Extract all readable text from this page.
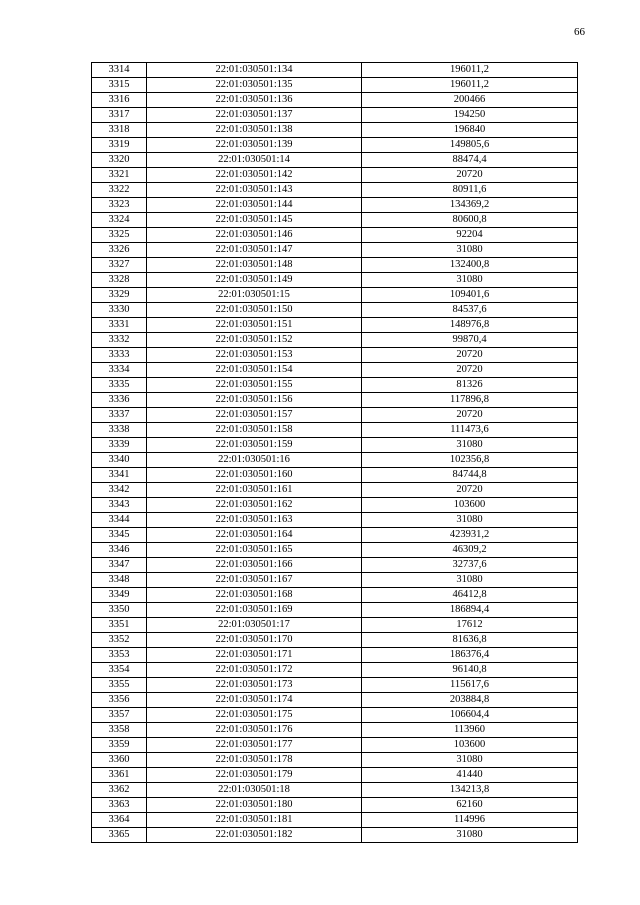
66
3314	22:01:030501:134	196011,2
3315	22:01:030501:135	196011,2
3316	22:01:030501:136	200466
3317	22:01:030501:137	194250
3318	22:01:030501:138	196840
3319	22:01:030501:139	149805,6
3320	22:01:030501:14	88474,4
3321	22:01:030501:142	20720
3322	22:01:030501:143	80911,6
3323	22:01:030501:144	134369,2
3324	22:01:030501:145	80600,8
3325	22:01:030501:146	92204
3326	22:01:030501:147	31080
3327	22:01:030501:148	132400,8
3328	22:01:030501:149	31080
3329	22:01:030501:15	109401,6
3330	22:01:030501:150	84537,6
3331	22:01:030501:151	148976,8
3332	22:01:030501:152	99870,4
3333	22:01:030501:153	20720
3334	22:01:030501:154	20720
3335	22:01:030501:155	81326
3336	22:01:030501:156	117896,8
3337	22:01:030501:157	20720
3338	22:01:030501:158	111473,6
3339	22:01:030501:159	31080
3340	22:01:030501:16	102356,8
3341	22:01:030501:160	84744,8
3342	22:01:030501:161	20720
3343	22:01:030501:162	103600
3344	22:01:030501:163	31080
3345	22:01:030501:164	423931,2
3346	22:01:030501:165	46309,2
3347	22:01:030501:166	32737,6
3348	22:01:030501:167	31080
3349	22:01:030501:168	46412,8
3350	22:01:030501:169	186894,4
3351	22:01:030501:17	17612
3352	22:01:030501:170	81636,8
3353	22:01:030501:171	186376,4
3354	22:01:030501:172	96140,8
3355	22:01:030501:173	115617,6
3356	22:01:030501:174	203884,8
3357	22:01:030501:175	106604,4
3358	22:01:030501:176	113960
3359	22:01:030501:177	103600
3360	22:01:030501:178	31080
3361	22:01:030501:179	41440
3362	22:01:030501:18	134213,8
3363	22:01:030501:180	62160
3364	22:01:030501:181	114996
3365	22:01:030501:182	31080
